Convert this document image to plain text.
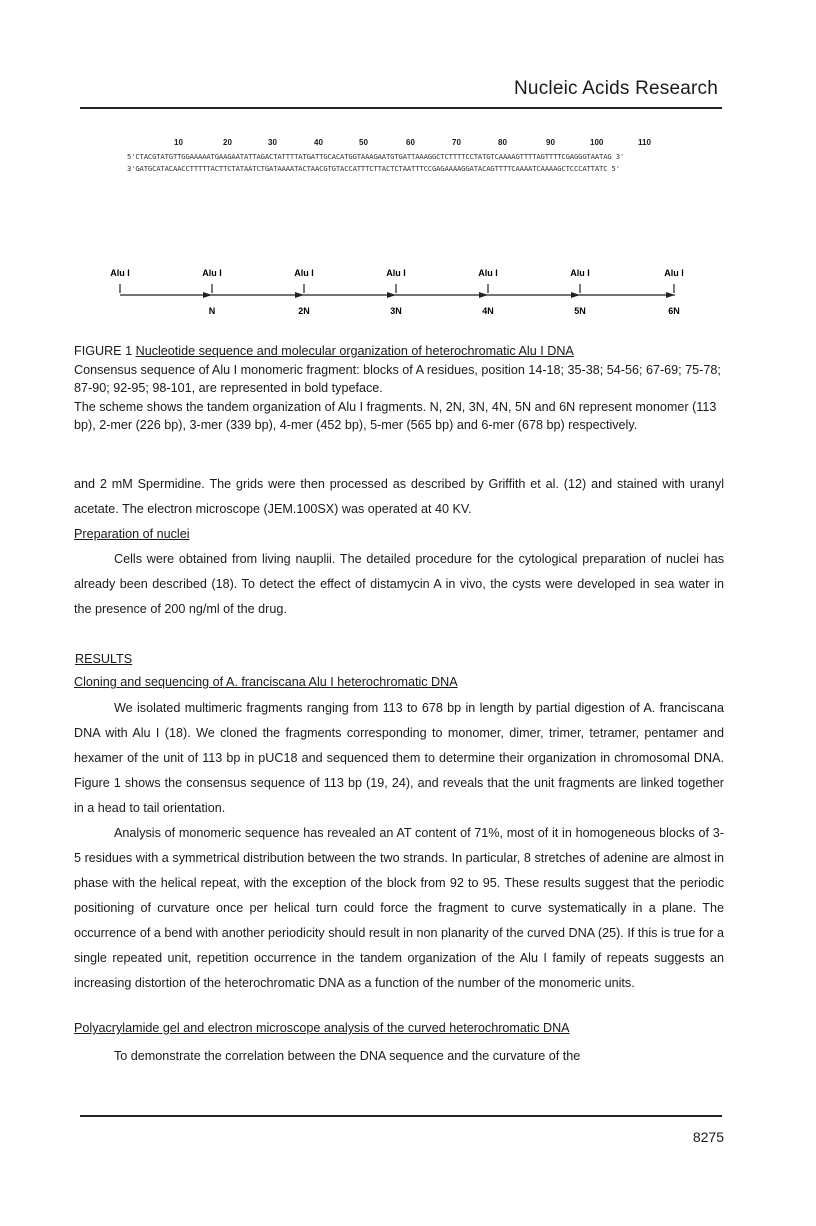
Nucleic Acids Research
10	20	30	40	50	60	70	80	90	100	110
5'CTACGTATGTTGGAAAAATGAAGAATATTAGACTATTTTATGATTGCACATGGTAAAGAATGTGATTAAAGGCTCTTTTCCTATGTCAAAAGTTTTAGTTTTCGAGGGTAATAG 3'
3'GATGCATACAACCTTTTTACTTCTATAATCTGATAAAATACTAACGTGTACCATTTCTTACTCTAATTTCCGAGAAAAGGATACAGTTTTCAAAATCAAAAGCTCCCATTATC 5'
Alu I	Alu I	Alu I	Alu I	Alu I	Alu I	Alu I
N	2N	3N	4N	5N	6N

FIGURE 1 Nucleotide sequence and molecular organization of heterochromatic Alu I DNA

Consensus sequence of Alu I monomeric fragment: blocks of A residues, position 14-18; 35-38; 54-56; 67-69; 75-78; 87-90; 92-95; 98-101, are represented in bold typeface.

The scheme shows the tandem organization of Alu I fragments. N, 2N, 3N, 4N, 5N and 6N represent monomer (113 bp), 2-mer (226 bp), 3-mer (339 bp), 4-mer (452 bp), 5-mer (565 bp) and 6-mer (678 bp) respectively.

and 2 mM Spermidine. The grids were then processed as described by Griffith et al. (12) and stained with uranyl acetate. The electron microscope (JEM.100SX) was operated at 40 KV.

Preparation of nuclei

Cells were obtained from living nauplii. The detailed procedure for the cytological preparation of nuclei has already been described (18). To detect the effect of distamycin A in vivo, the cysts were developed in sea water in the presence of 200 ng/ml of the drug.

RESULTS
Cloning and sequencing of A. franciscana Alu I heterochromatic DNA

We isolated multimeric fragments ranging from 113 to 678 bp in length by partial digestion of A. franciscana DNA with Alu I (18). We cloned the fragments corresponding to monomer, dimer, trimer, tetramer, pentamer and hexamer of the unit of 113 bp in pUC18 and sequenced them to determine their organization in chromosomal DNA. Figure 1 shows the consensus sequence of 113 bp (19, 24), and reveals that the unit fragments are linked together in a head to tail orientation.

Analysis of monomeric sequence has revealed an AT content of 71%, most of it in homogeneous blocks of 3-5 residues with a symmetrical distribution between the two strands. In particular, 8 stretches of adenine are almost in phase with the helical repeat, with the exception of the block from 92 to 95. These results suggest that the periodic positioning of curvature once per helical turn could force the fragment to curve systematically in a plane. The occurrence of a bend with another periodicity should result in non planarity of the curved DNA (25). If this is true for a single repeated unit, repetition occurrence in the tandem organization of the Alu I family of repeats suggests an increasing distortion of the heterochromatic DNA as a function of the number of the monomeric units.

Polyacrylamide gel and electron microscope analysis of the curved heterochromatic DNA

To demonstrate the correlation between the DNA sequence and the curvature of the

8275
